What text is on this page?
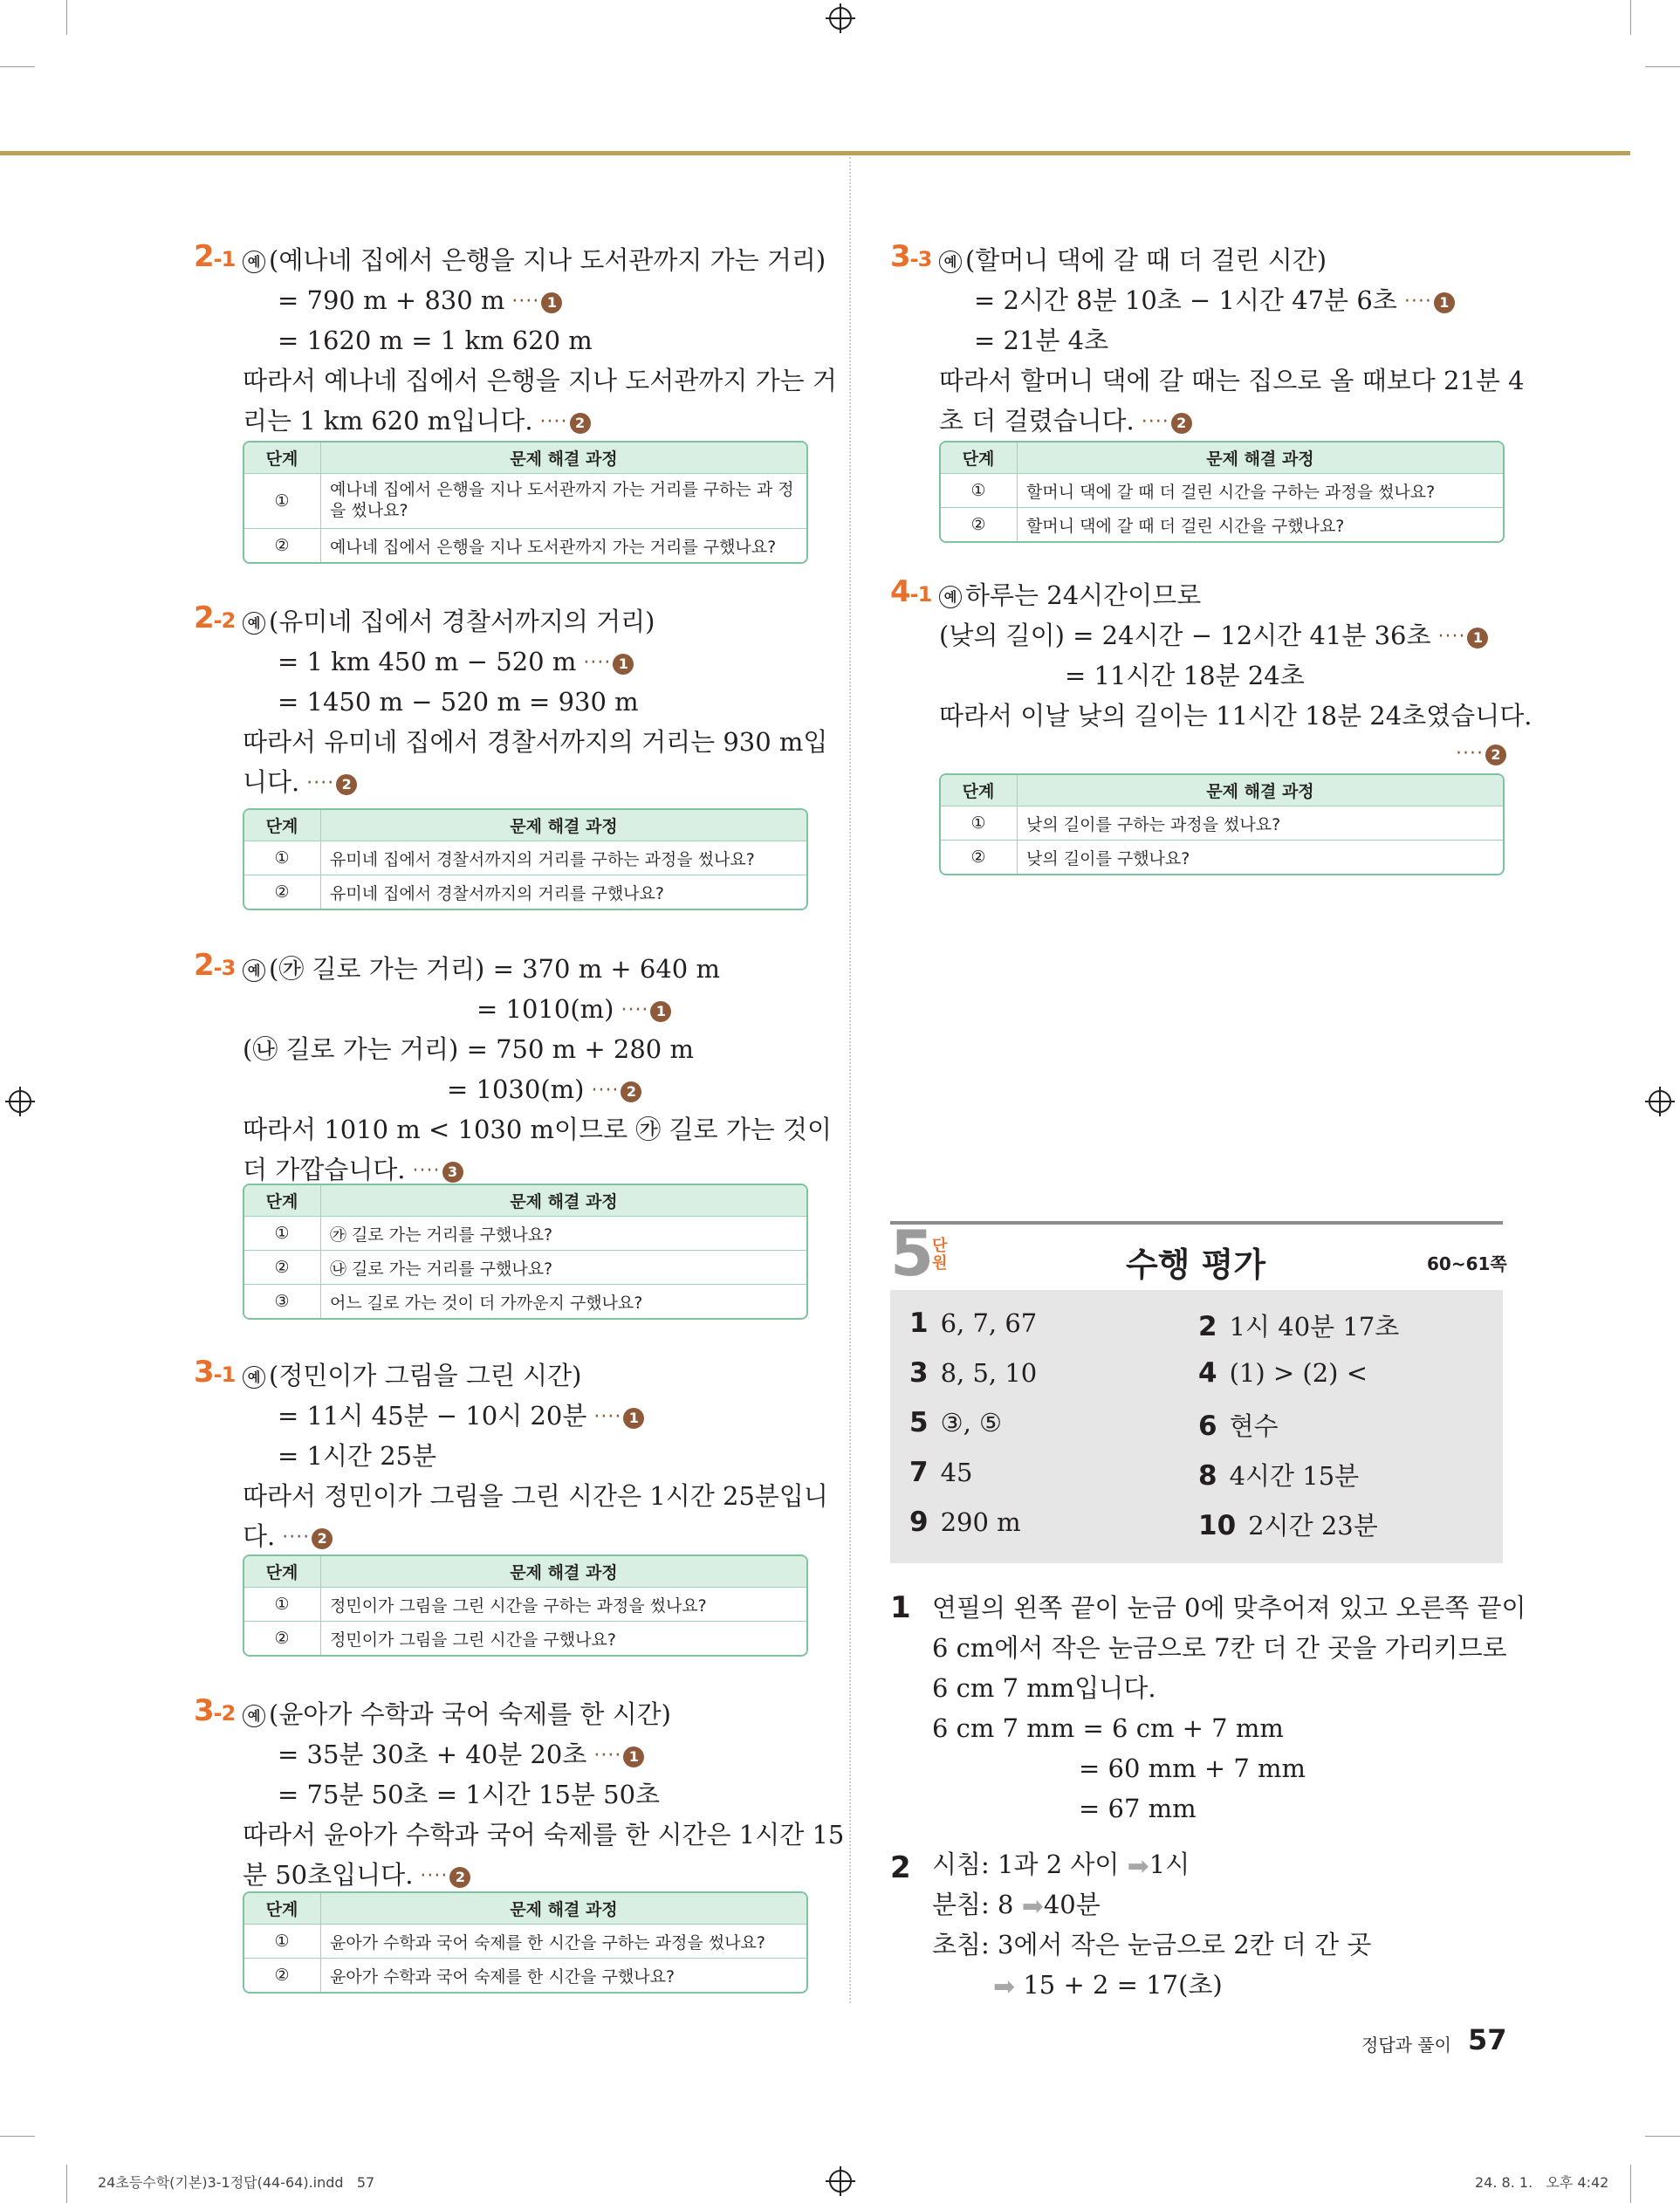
2-1 예 (예나네 집에서 은행을 지나 도서관까지 가는 거리)
= 790 m + 830 m ···· 1
= 1620 m = 1 km 620 m
따라서 예나네 집에서 은행을 지나 도서관까지 가는 거
리는 1 km 620 m입니다. ···· 2
단계	문제 해결 과정
①	예나네 집에서 은행을 지나 도서관까지 가는 거리를 구하는 과 정을 썼나요?
②	예나네 집에서 은행을 지나 도서관까지 가는 거리를 구했나요?
2-2 예 (유미네 집에서 경찰서까지의 거리)
= 1 km 450 m − 520 m ···· 1
= 1450 m − 520 m = 930 m
따라서 유미네 집에서 경찰서까지의 거리는 930 m입
니다. ···· 2
단계	문제 해결 과정
①	유미네 집에서 경찰서까지의 거리를 구하는 과정을 썼나요?
②	유미네 집에서 경찰서까지의 거리를 구했나요?
2-3 예 (㉮ 길로 가는 거리) = 370 m + 640 m
= 1010(m) ···· 1
(㉯ 길로 가는 거리) = 750 m + 280 m
= 1030(m) ···· 2
따라서 1010 m < 1030 m이므로 ㉮ 길로 가는 것이
더 가깝습니다. ···· 3
단계	문제 해결 과정
①	㉮ 길로 가는 거리를 구했나요?
②	㉯ 길로 가는 거리를 구했나요?
③	어느 길로 가는 것이 더 가까운지 구했나요?
3-1 예 (정민이가 그림을 그린 시간)
= 11시 45분 − 10시 20분 ···· 1
= 1시간 25분
따라서 정민이가 그림을 그린 시간은 1시간 25분입니
다. ···· 2
단계	문제 해결 과정
①	정민이가 그림을 그린 시간을 구하는 과정을 썼나요?
②	정민이가 그림을 그린 시간을 구했나요?
3-2 예 (윤아가 수학과 국어 숙제를 한 시간)
= 35분 30초 + 40분 20초 ···· 1
= 75분 50초 = 1시간 15분 50초
따라서 윤아가 수학과 국어 숙제를 한 시간은 1시간 15
분 50초입니다. ···· 2
단계	문제 해결 과정
①	윤아가 수학과 국어 숙제를 한 시간을 구하는 과정을 썼나요?
②	윤아가 수학과 국어 숙제를 한 시간을 구했나요?
3-3 예 (할머니 댁에 갈 때 더 걸린 시간)
= 2시간 8분 10초 − 1시간 47분 6초 ···· 1
= 21분 4초
따라서 할머니 댁에 갈 때는 집으로 올 때보다 21분 4
초 더 걸렸습니다. ···· 2
단계	문제 해결 과정
①	할머니 댁에 갈 때 더 걸린 시간을 구하는 과정을 썼나요?
②	할머니 댁에 갈 때 더 걸린 시간을 구했나요?
4-1 예 하루는 24시간이므로
(낮의 길이) = 24시간 − 12시간 41분 36초 ···· 1
= 11시간 18분 24초
따라서 이날 낮의 길이는 11시간 18분 24초였습니다.
···· 2
단계	문제 해결 과정
①	낮의 길이를 구하는 과정을 썼나요?
②	낮의 길이를 구했나요?
5
단
원	수행 평가	60~61쪽
1 6, 7, 67	2 1시 40분 17초
3 8, 5, 10	4 (1) > (2) <
5 ③, ⑤	6 현수
7 45	8 4시간 15분
9 290 m	10 2시간 23분
1 연필의 왼쪽 끝이 눈금 0에 맞추어져 있고 오른쪽 끝이
6 cm에서 작은 눈금으로 7칸 더 간 곳을 가리키므로
6 cm 7 mm입니다.
6 cm 7 mm = 6 cm + 7 mm
= 60 mm + 7 mm
= 67 mm
2 시침: 1과 2 사이 ➡1시
분침: 8 ➡40분
초침: 3에서 작은 눈금으로 2칸 더 간 곳
➡ 15 + 2 = 17(초)
정답과 풀이 57
24초등수학(기본)3-1정답(44-64).indd   57	24. 8. 1.   오후 4:42
